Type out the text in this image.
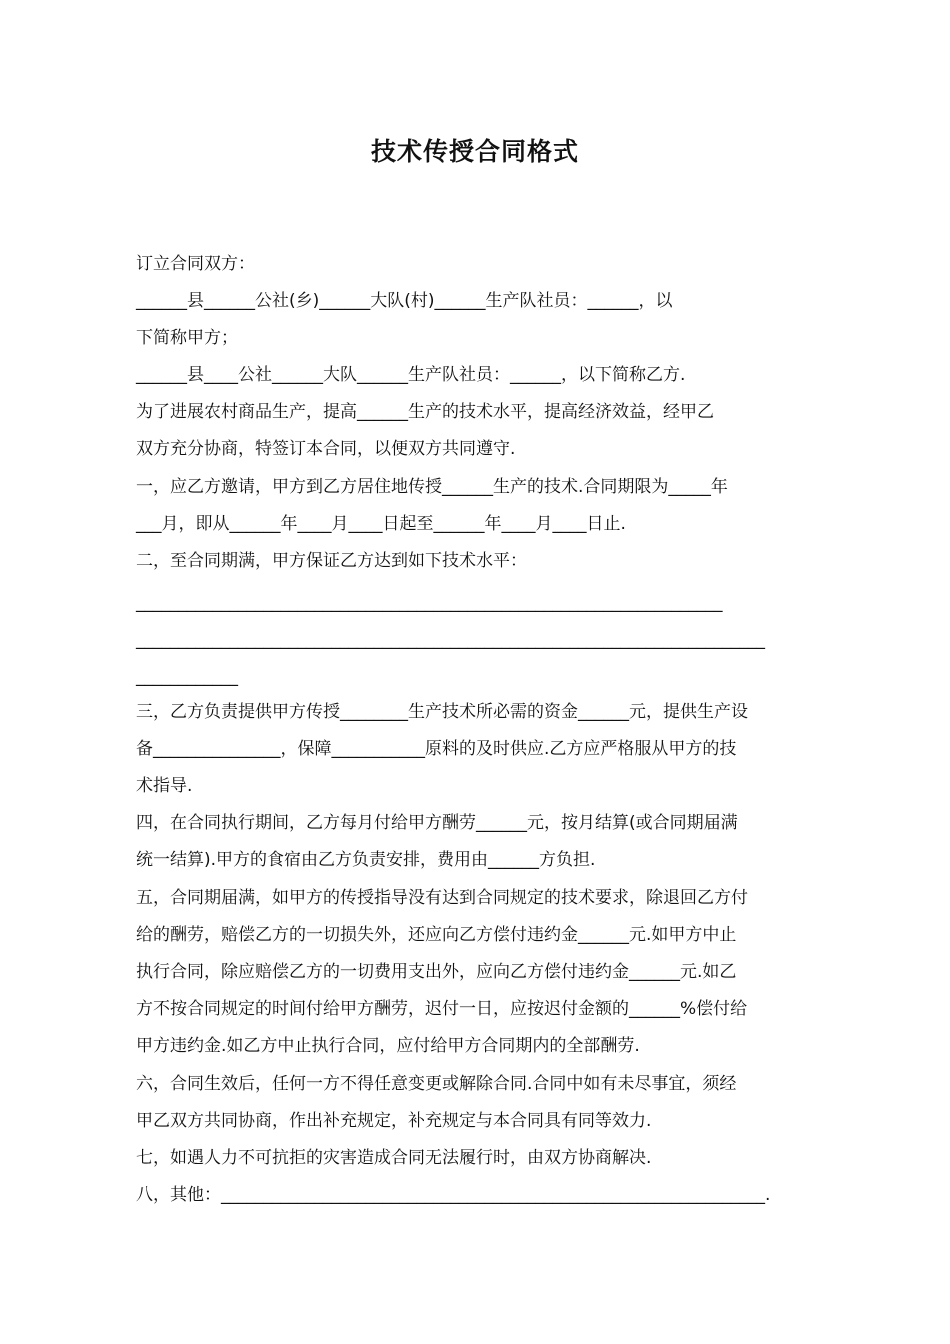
技术传授合同格式
订立合同双方：
______县______公社(乡)______大队(村)______生产队社员：______，以
下简称甲方；
______县____公社______大队______生产队社员：______，以下简称乙方.
为了进展农村商品生产，提高______生产的技术水平，提高经济效益，经甲乙
双方充分协商，特签订本合同，以便双方共同遵守.
一，应乙方邀请，甲方到乙方居住地传授______生产的技术.合同期限为_____年
___月，即从______年____月____日起至______年____月____日止.
二，至合同期满，甲方保证乙方达到如下技术水平：
_____________________________________________________________________
__________________________________________________________________________
____________
三，乙方负责提供甲方传授________生产技术所必需的资金______元，提供生产设
备_______________，保障___________原料的及时供应.乙方应严格服从甲方的技
术指导.
四，在合同执行期间，乙方每月付给甲方酬劳______元，按月结算(或合同期届满
统一结算).甲方的食宿由乙方负责安排，费用由______方负担.
五，合同期届满，如甲方的传授指导没有达到合同规定的技术要求，除退回乙方付
给的酬劳，赔偿乙方的一切损失外，还应向乙方偿付违约金______元.如甲方中止
执行合同，除应赔偿乙方的一切费用支出外，应向乙方偿付违约金______元.如乙
方不按合同规定的时间付给甲方酬劳，迟付一日，应按迟付金额的______%偿付给
甲方违约金.如乙方中止执行合同，应付给甲方合同期内的全部酬劳.
六，合同生效后，任何一方不得任意变更或解除合同.合同中如有未尽事宜，须经
甲乙双方共同协商，作出补充规定，补充规定与本合同具有同等效力.
七，如遇人力不可抗拒的灾害造成合同无法履行时，由双方协商解决.
八，其他：________________________________________________________________.
